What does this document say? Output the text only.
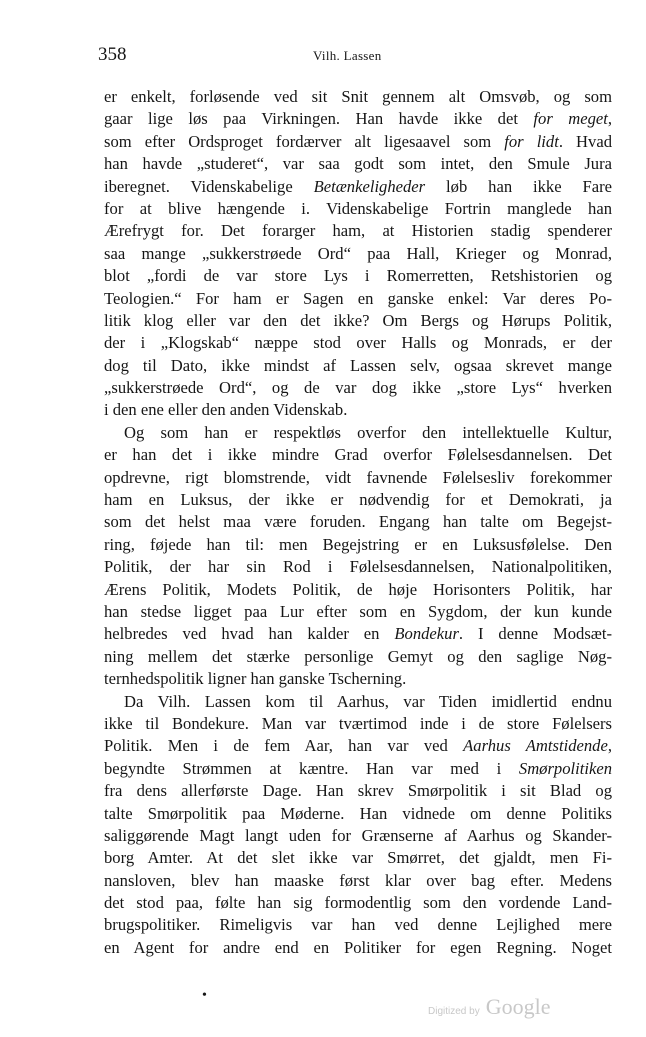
358	Vilh. Lassen
er enkelt, forløsende ved sit Snit gennem alt Omsvøb, og som
gaar lige løs paa Virkningen. Han havde ikke det for meget,
som efter Ordsproget fordærver alt ligesaavel som for lidt. Hvad
han havde „studeret“, var saa godt som intet, den Smule Jura
iberegnet. Videnskabelige Betænkeligheder løb han ikke Fare
for at blive hængende i. Videnskabelige Fortrin manglede han
Ærefrygt for. Det forarger ham, at Historien stadig spenderer
saa mange „sukkerstrøede Ord“ paa Hall, Krieger og Monrad,
blot „fordi de var store Lys i Romerretten, Retshistorien og
Teologien.“ For ham er Sagen en ganske enkel: Var deres Po-
litik klog eller var den det ikke? Om Bergs og Hørups Politik,
der i „Klogskab“ næppe stod over Halls og Monrads, er der
dog til Dato, ikke mindst af Lassen selv, ogsaa skrevet mange
„sukkerstrøede Ord“, og de var dog ikke „store Lys“ hverken
i den ene eller den anden Videnskab.
Og som han er respektløs overfor den intellektuelle Kultur,
er han det i ikke mindre Grad overfor Følelsesdannelsen. Det
opdrevne, rigt blomstrende, vidt favnende Følelsesliv forekommer
ham en Luksus, der ikke er nødvendig for et Demokrati, ja
som det helst maa være foruden. Engang han talte om Begejst-
ring, føjede han til: men Begejstring er en Luksusfølelse. Den
Politik, der har sin Rod i Følelsesdannelsen, Nationalpolitiken,
Ærens Politik, Modets Politik, de høje Horisonters Politik, har
han stedse ligget paa Lur efter som en Sygdom, der kun kunde
helbredes ved hvad han kalder en Bondekur. I denne Modsæt-
ning mellem det stærke personlige Gemyt og den saglige Nøg-
ternhedspolitik ligner han ganske Tscherning.
Da Vilh. Lassen kom til Aarhus, var Tiden imidlertid endnu
ikke til Bondekure. Man var tværtimod inde i de store Følelsers
Politik. Men i de fem Aar, han var ved Aarhus Amtstidende,
begyndte Strømmen at kæntre. Han var med i Smørpolitiken
fra dens allerførste Dage. Han skrev Smørpolitik i sit Blad og
talte Smørpolitik paa Møderne. Han vidnede om denne Politiks
saliggørende Magt langt uden for Grænserne af Aarhus og Skander-
borg Amter. At det slet ikke var Smørret, det gjaldt, men Fi-
nansloven, blev han maaske først klar over bag efter. Medens
det stod paa, følte han sig formodentlig som den vordende Land-
brugspolitiker. Rimeligvis var han ved denne Lejlighed mere
en Agent for andre end en Politiker for egen Regning. Noget
•
Digitized by Google
